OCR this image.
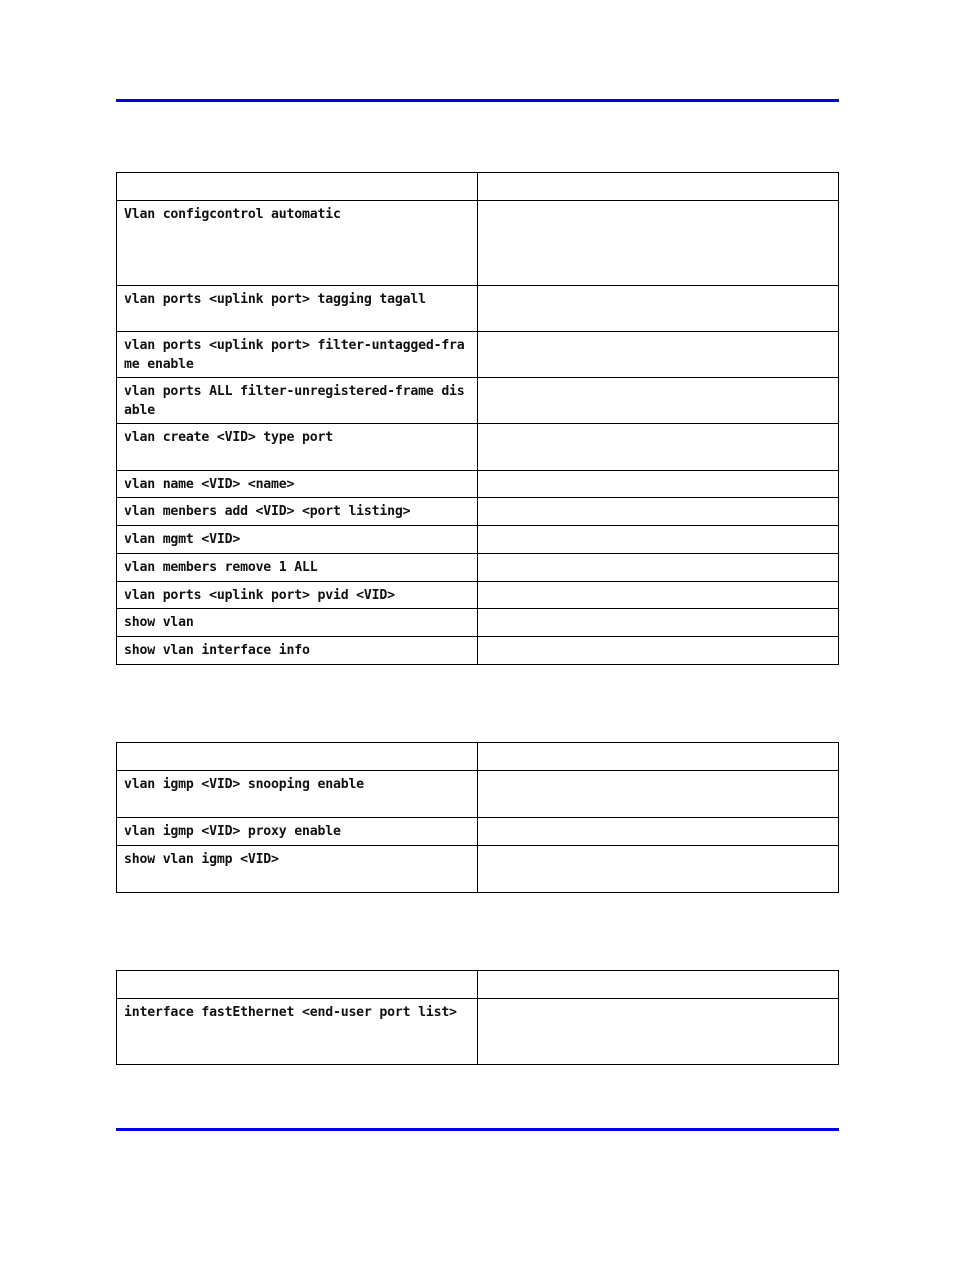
Vlan configcontrol automatic	
vlan ports <uplink port> tagging tagall	
vlan ports <uplink port> filter-untagged-frame enable	
vlan ports ALL filter-unregistered-frame disable	
vlan create <VID> type port	
vlan name <VID> <name>	
vlan menbers add <VID> <port listing>	
vlan mgmt <VID>	
vlan members remove 1 ALL	
vlan ports <uplink port> pvid <VID>	
show vlan	
show vlan interface info	

vlan igmp <VID> snooping enable	
vlan igmp <VID> proxy enable	
show vlan igmp <VID>	

interface fastEthernet <end-user port list>	
